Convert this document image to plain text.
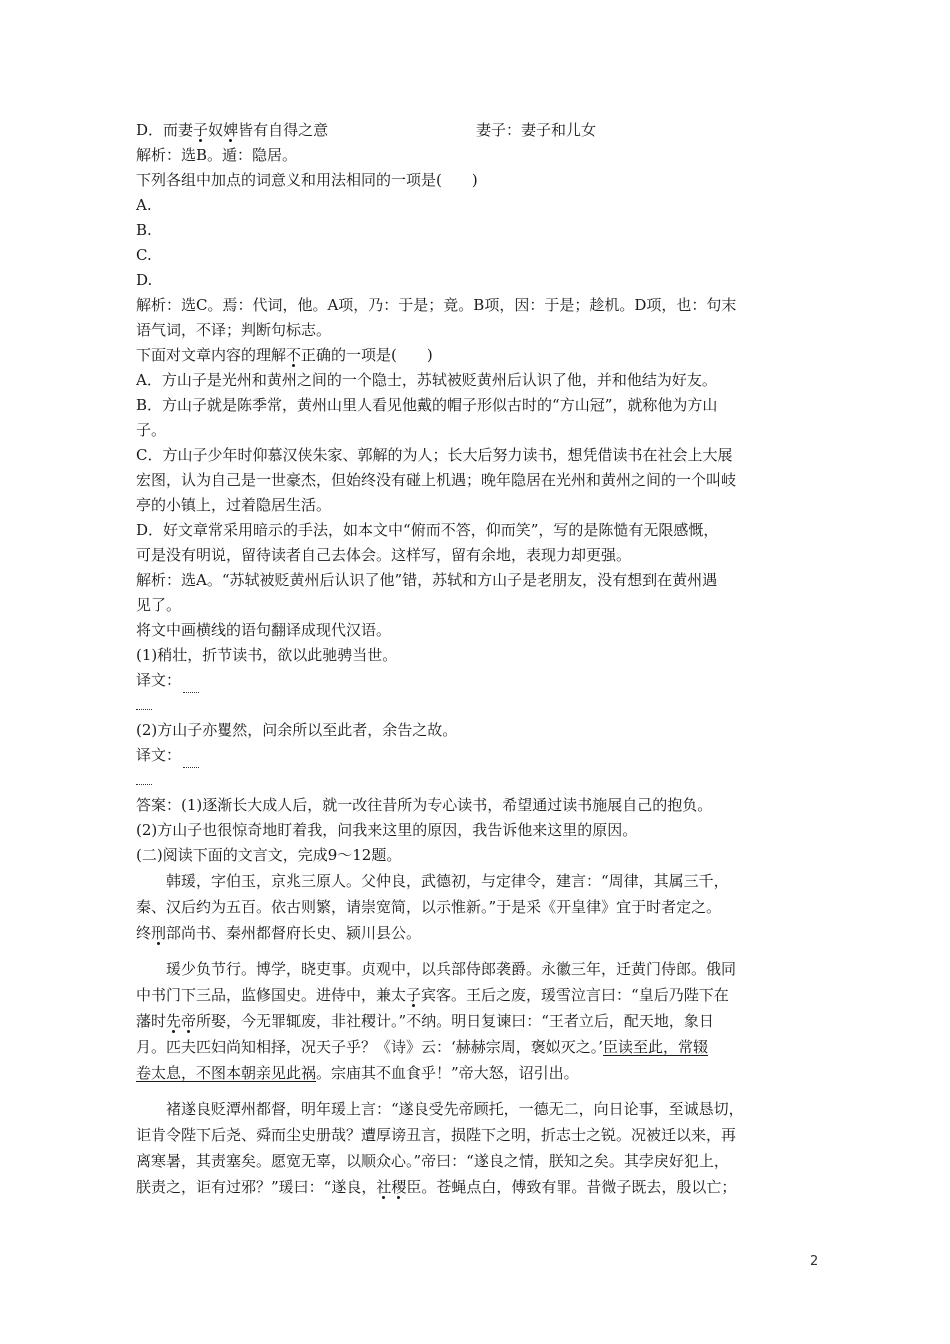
D．而妻子奴婢皆有自得之意	妻子：妻子和儿女
解析：选B。遁：隐居。
下列各组中加点的词意义和用法相同的一项是(　　)
A.
B.
C.
D.
解析：选C。焉：代词，他。A项，乃：于是；竟。B项，因：于是；趁机。D项，也：句末
语气词，不译；判断句标志。
下面对文章内容的理解不正确的一项是(　　)
A．方山子是光州和黄州之间的一个隐士，苏轼被贬黄州后认识了他，并和他结为好友。
B．方山子就是陈季常，黄州山里人看见他戴的帽子形似古时的“方山冠”，就称他为方山
子。
C．方山子少年时仰慕汉侠朱家、郭解的为人；长大后努力读书，想凭借读书在社会上大展
宏图，认为自己是一世豪杰，但始终没有碰上机遇；晚年隐居在光州和黄州之间的一个叫岐
亭的小镇上，过着隐居生活。
D．好文章常采用暗示的手法，如本文中“俯而不答，仰而笑”，写的是陈慥有无限感慨，
可是没有明说，留待读者自己去体会。这样写，留有余地，表现力却更强。
解析：选A。“苏轼被贬黄州后认识了他”错，苏轼和方山子是老朋友，没有想到在黄州遇
见了。
将文中画横线的语句翻译成现代汉语。
(1)稍壮，折节读书，欲以此驰骋当世。
译文：
(2)方山子亦矍然，问余所以至此者，余告之故。
译文：
答案：(1)逐渐长大成人后，就一改往昔所为专心读书，希望通过读书施展自己的抱负。
(2)方山子也很惊奇地盯着我，问我来这里的原因，我告诉他来这里的原因。
(二)阅读下面的文言文，完成9～12题。
韩瑗，字伯玉，京兆三原人。父仲良，武德初，与定律令，建言：“周律，其属三千，
秦、汉后约为五百。依古则繁，请崇宽简，以示惟新。”于是采《开皇律》宜于时者定之。
终刑部尚书、秦州都督府长史、颍川县公。
瑗少负节行。博学，晓吏事。贞观中，以兵部侍郎袭爵。永徽三年，迁黄门侍郎。俄同
中书门下三品，监修国史。进侍中，兼太子宾客。王后之废，瑗雪泣言曰：“皇后乃陛下在
藩时先帝所娶，今无罪辄废，非社稷计。”不纳。明日复谏曰：“王者立后，配天地，象日
月。匹夫匹妇尚知相择，况天子乎？《诗》云：‘赫赫宗周，褒姒灭之。’臣读至此，常辍
卷太息，不图本朝亲见此祸。宗庙其不血食乎！”帝大怒，诏引出。
褚遂良贬潭州都督，明年瑗上言：“遂良受先帝顾托，一德无二，向日论事，至诚恳切，
讵肯令陛下后尧、舜而尘史册哉？遭厚谤丑言，损陛下之明，折志士之锐。况被迁以来，再
离寒暑，其责塞矣。愿宽无辜，以顺众心。”帝曰：“遂良之情，朕知之矣。其孛戾好犯上，
朕责之，讵有过邪？”瑗曰：“遂良，社稷臣。苍蝇点白，傅致有罪。昔微子既去，殷以亡；
2
